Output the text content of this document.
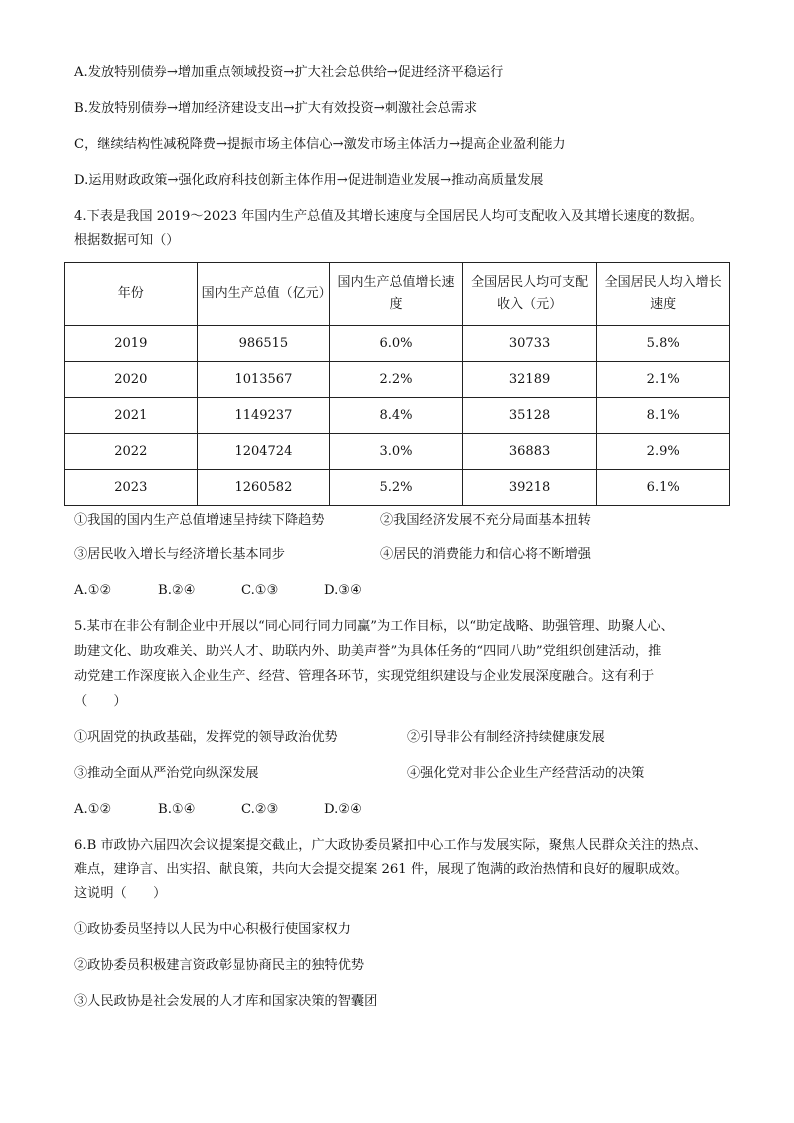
A.发放特别债券→增加重点领域投资→扩大社会总供给→促进经济平稳运行
B.发放特别债券→增加经济建设支出→扩大有效投资→刺激社会总需求
C，继续结构性减税降费→提振市场主体信心→激发市场主体活力→提高企业盈利能力
D.运用财政政策→强化政府科技创新主体作用→促进制造业发展→推动高质量发展
4.下表是我国 2019～2023 年国内生产总值及其增长速度与全国居民人均可支配收入及其增长速度的数据。
根据数据可知（）
年份	国内生产总值（亿元）	国内生产总值增长速度	全国居民人均可支配收入（元）	全国居民人均入增长速度
2019	986515	6.0%	30733	5.8%
2020	1013567	2.2%	32189	2.1%
2021	1149237	8.4%	35128	8.1%
2022	1204724	3.0%	36883	2.9%
2023	1260582	5.2%	39218	6.1%
①我国的国内生产总值增速呈持续下降趋势	②我国经济发展不充分局面基本扭转
③居民收入增长与经济增长基本同步	④居民的消费能力和信心将不断增强
A.①②	B.②④	C.①③	D.③④
5.某市在非公有制企业中开展以“同心同行同力同赢”为工作目标，以“助定战略、助强管理、助聚人心、
助建文化、助攻难关、助兴人才、助联内外、助美声誉”为具体任务的“四同八助”党组织创建活动，推
动党建工作深度嵌入企业生产、经营、管理各环节，实现党组织建设与企业发展深度融合。这有利于
（　　）
①巩固党的执政基础，发挥党的领导政治优势	②引导非公有制经济持续健康发展
③推动全面从严治党向纵深发展	④强化党对非公企业生产经营活动的决策
A.①②	B.①④	C.②③	D.②④
6.B 市政协六届四次会议提案提交截止，广大政协委员紧扣中心工作与发展实际，聚焦人民群众关注的热点、
难点，建诤言、出实招、献良策，共向大会提交提案 261 件，展现了饱满的政治热情和良好的履职成效。
这说明（　　）
①政协委员坚持以人民为中心积极行使国家权力
②政协委员积极建言资政彰显协商民主的独特优势
③人民政协是社会发展的人才库和国家决策的智囊团
